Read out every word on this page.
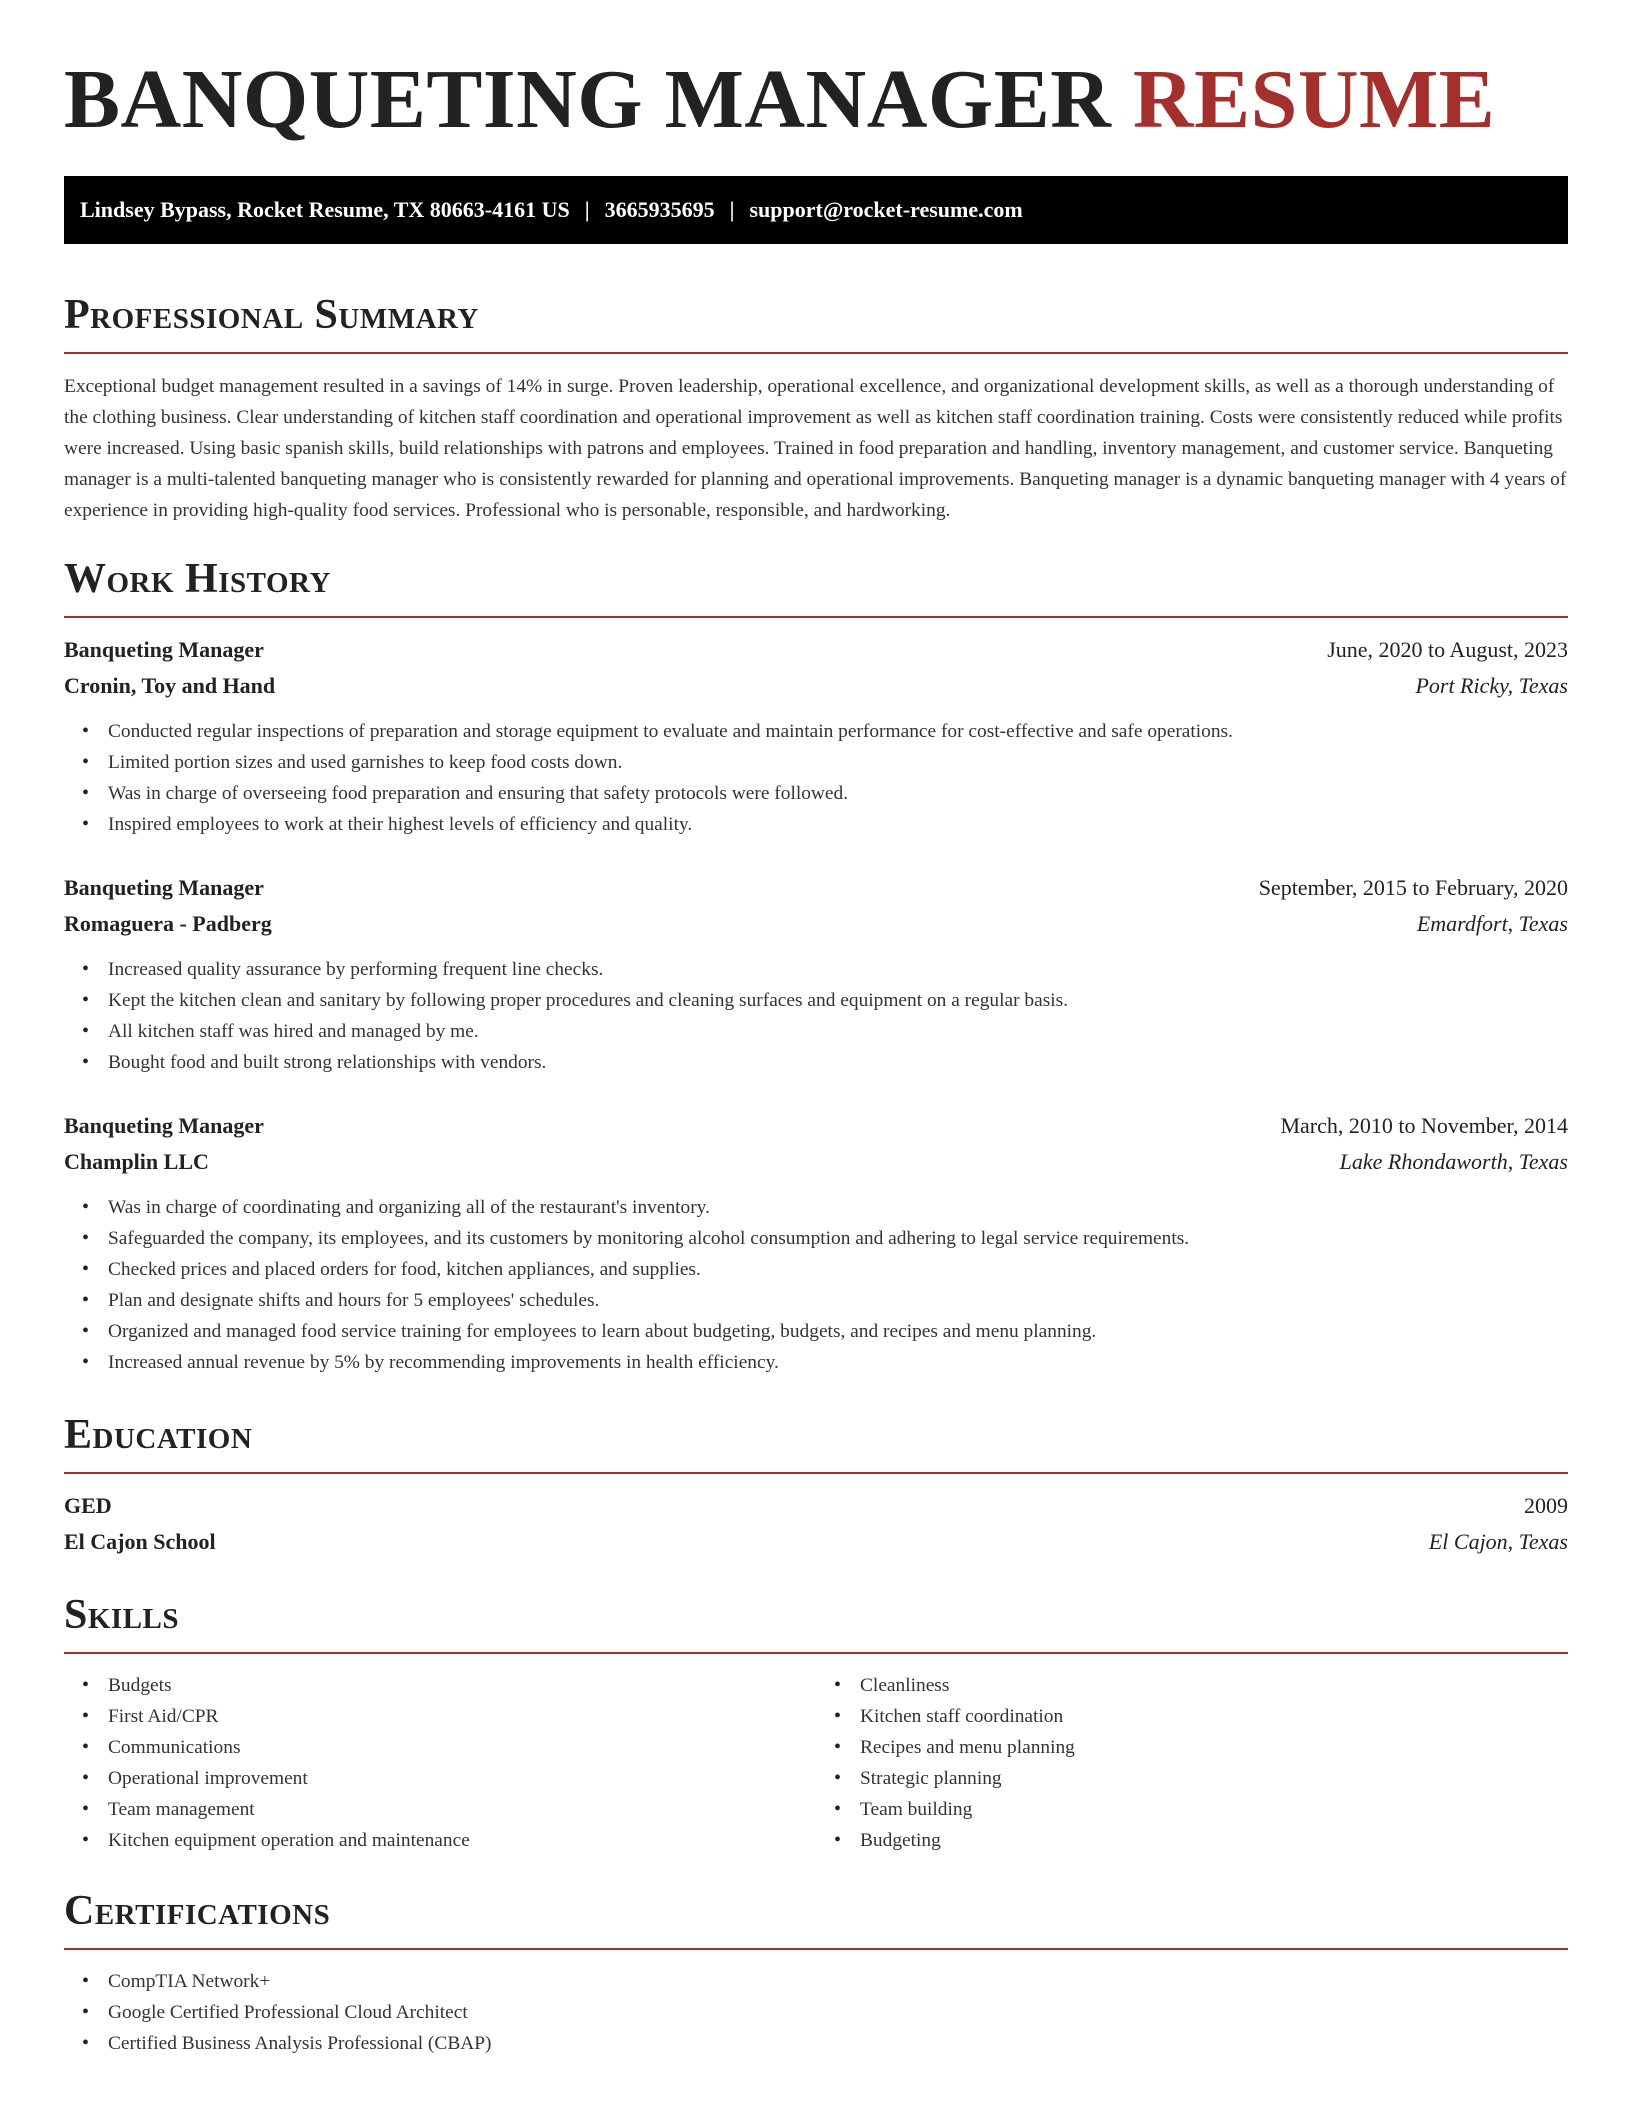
BANQUETING MANAGER RESUME
Lindsey Bypass, Rocket Resume, TX 80663-4161 US | 3665935695 | support@rocket-resume.com
Professional Summary

Exceptional budget management resulted in a savings of 14% in surge. Proven leadership, operational excellence, and organizational development skills, as well as a thorough understanding of the clothing business. Clear understanding of kitchen staff coordination and operational improvement as well as kitchen staff coordination training. Costs were consistently reduced while profits were increased. Using basic spanish skills, build relationships with patrons and employees. Trained in food preparation and handling, inventory management, and customer service. Banqueting manager is a multi-talented banqueting manager who is consistently rewarded for planning and operational improvements. Banqueting manager is a dynamic banqueting manager with 4 years of experience in providing high-quality food services. Professional who is personable, responsible, and hardworking.

Work History
Banqueting Manager	June, 2020 to August, 2023
Cronin, Toy and Hand	Port Ricky, Texas
• Conducted regular inspections of preparation and storage equipment to evaluate and maintain performance for cost-effective and safe operations.
• Limited portion sizes and used garnishes to keep food costs down.
• Was in charge of overseeing food preparation and ensuring that safety protocols were followed.
• Inspired employees to work at their highest levels of efficiency and quality.
Banqueting Manager	September, 2015 to February, 2020
Romaguera - Padberg	Emardfort, Texas
• Increased quality assurance by performing frequent line checks.
• Kept the kitchen clean and sanitary by following proper procedures and cleaning surfaces and equipment on a regular basis.
• All kitchen staff was hired and managed by me.
• Bought food and built strong relationships with vendors.
Banqueting Manager	March, 2010 to November, 2014
Champlin LLC	Lake Rhondaworth, Texas
• Was in charge of coordinating and organizing all of the restaurant's inventory.
• Safeguarded the company, its employees, and its customers by monitoring alcohol consumption and adhering to legal service requirements.
• Checked prices and placed orders for food, kitchen appliances, and supplies.
• Plan and designate shifts and hours for 5 employees' schedules.
• Organized and managed food service training for employees to learn about budgeting, budgets, and recipes and menu planning.
• Increased annual revenue by 5% by recommending improvements in health efficiency.
Education
GED	2009
El Cajon School	El Cajon, Texas
Skills
• Budgets
• First Aid/CPR
• Communications
• Operational improvement
• Team management
• Kitchen equipment operation and maintenance
• Cleanliness
• Kitchen staff coordination
• Recipes and menu planning
• Strategic planning
• Team building
• Budgeting
Certifications
• CompTIA Network+
• Google Certified Professional Cloud Architect
• Certified Business Analysis Professional (CBAP)
